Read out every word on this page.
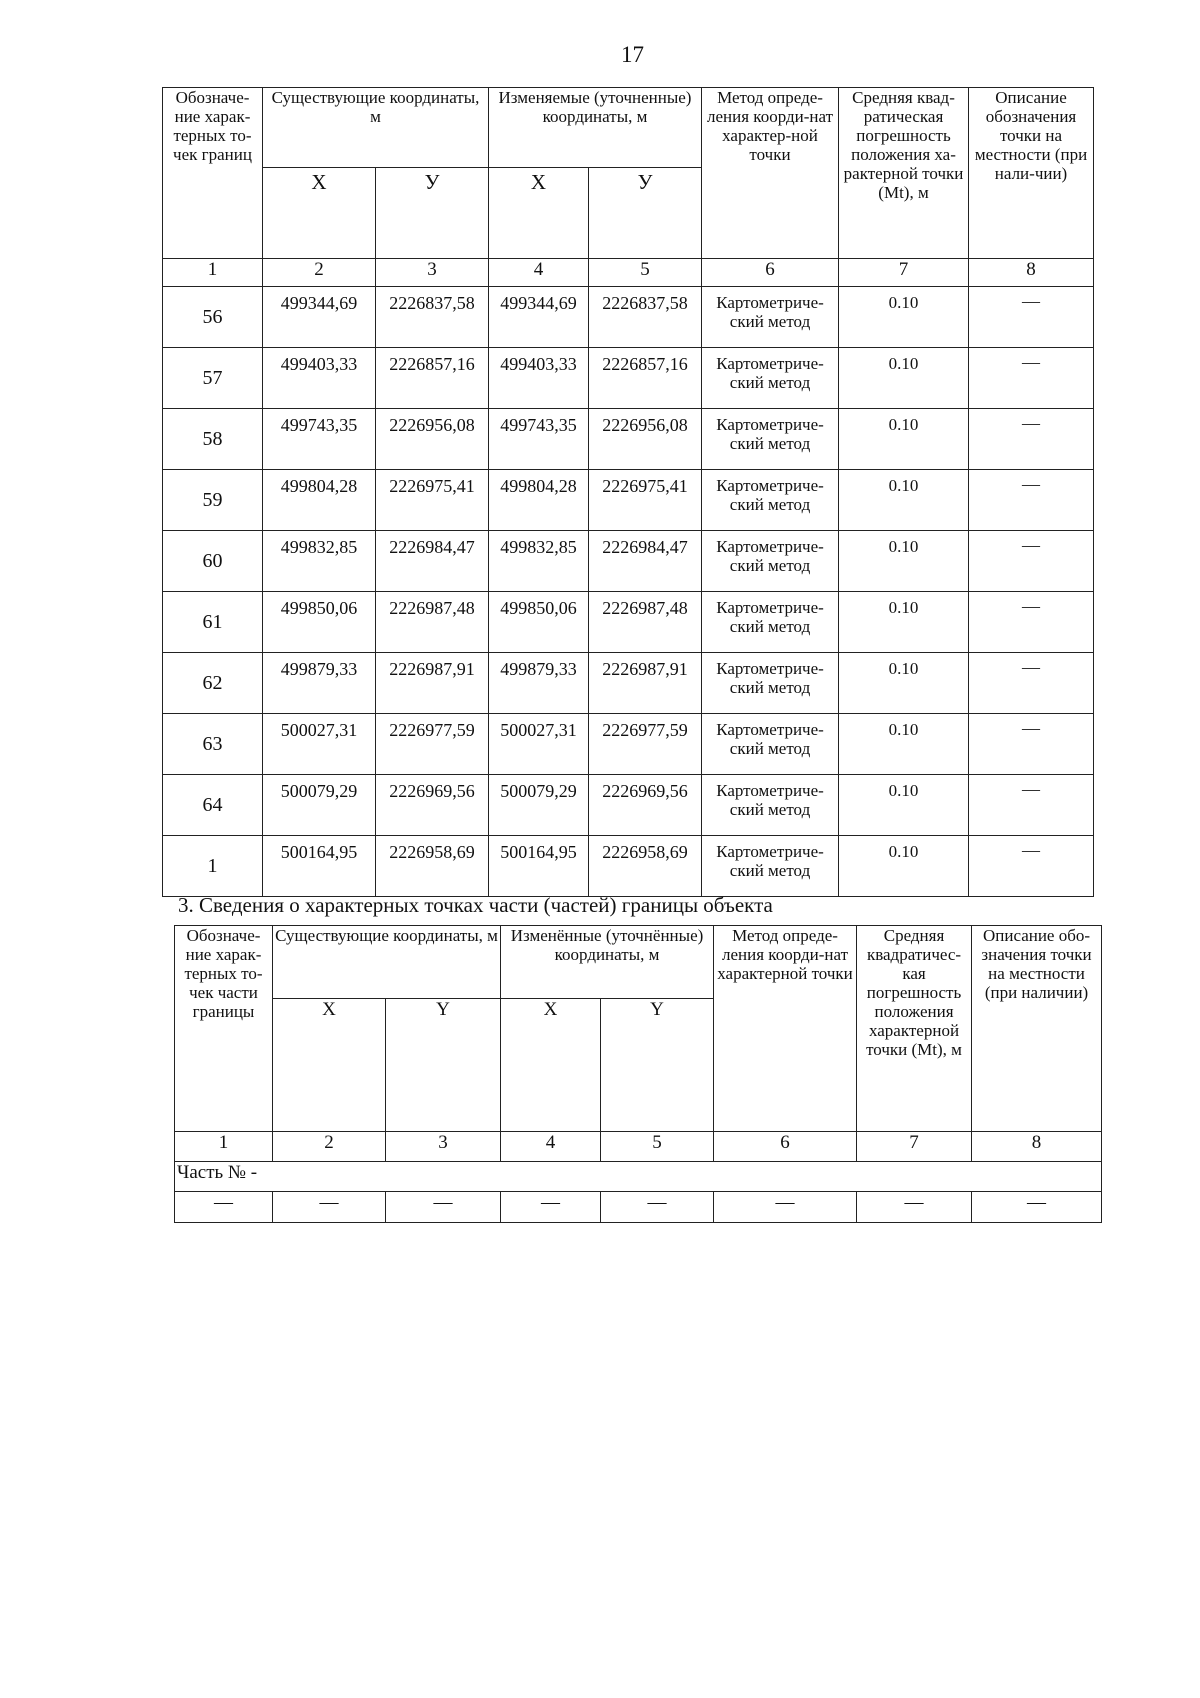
17
Обозначе-ние харак-терных то-чек границ	Существующие координаты, м		Изменяемые (уточненные) координаты, м		Метод опреде-ления коорди-нат характер-ной точки	Средняя квад-ратическая погрешность положения ха-рактерной точки (Mt), м	Описание обозначения точки на местности (при нали-чии)
	Х	У	Х	У			
1	2	3	4	5	6	7	8
56	499344,69	2226837,58	499344,69	2226837,58	Картометриче-ский метод	0.10	—
57	499403,33	2226857,16	499403,33	2226857,16	Картометриче-ский метод	0.10	—
58	499743,35	2226956,08	499743,35	2226956,08	Картометриче-ский метод	0.10	—
59	499804,28	2226975,41	499804,28	2226975,41	Картометриче-ский метод	0.10	—
60	499832,85	2226984,47	499832,85	2226984,47	Картометриче-ский метод	0.10	—
61	499850,06	2226987,48	499850,06	2226987,48	Картометриче-ский метод	0.10	—
62	499879,33	2226987,91	499879,33	2226987,91	Картометриче-ский метод	0.10	—
63	500027,31	2226977,59	500027,31	2226977,59	Картометриче-ский метод	0.10	—
64	500079,29	2226969,56	500079,29	2226969,56	Картометриче-ский метод	0.10	—
1	500164,95	2226958,69	500164,95	2226958,69	Картометриче-ский метод	0.10	—
3. Сведения о характерных точках части (частей) границы объекта
Обозначе-ние харак-терных то-чек части границы	Существующие координаты, м		Изменённые (уточнённые) координаты, м		Метод опреде-ления коорди-нат характерной точки	Средняя квадратичес-кая погрешность положения характерной точки (Mt), м	Описание обо-значения точки на местности (при наличии)
	X	Y	X	Y			
1	2	3	4	5	6	7	8
Часть № -							
—	—	—	—	—	—	—	—
